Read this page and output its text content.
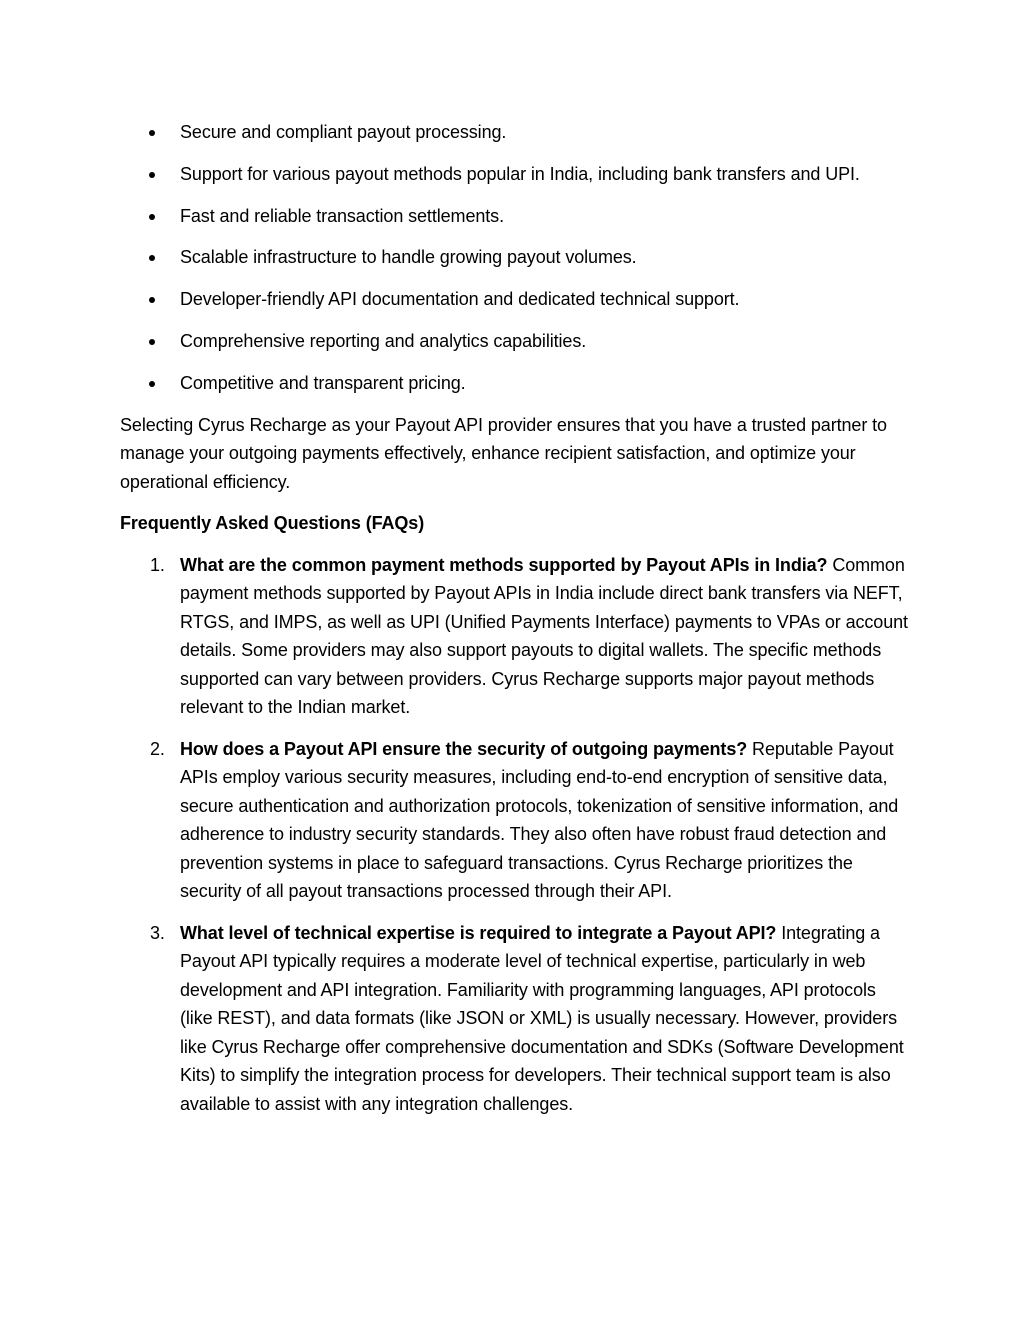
Secure and compliant payout processing.
Support for various payout methods popular in India, including bank transfers and UPI.
Fast and reliable transaction settlements.
Scalable infrastructure to handle growing payout volumes.
Developer-friendly API documentation and dedicated technical support.
Comprehensive reporting and analytics capabilities.
Competitive and transparent pricing.

Selecting Cyrus Recharge as your Payout API provider ensures that you have a trusted partner to manage your outgoing payments effectively, enhance recipient satisfaction, and optimize your operational efficiency.

Frequently Asked Questions (FAQs)

1. What are the common payment methods supported by Payout APIs in India? Common payment methods supported by Payout APIs in India include direct bank transfers via NEFT, RTGS, and IMPS, as well as UPI (Unified Payments Interface) payments to VPAs or account details. Some providers may also support payouts to digital wallets. The specific methods supported can vary between providers. Cyrus Recharge supports major payout methods relevant to the Indian market.
2. How does a Payout API ensure the security of outgoing payments? Reputable Payout APIs employ various security measures, including end-to-end encryption of sensitive data, secure authentication and authorization protocols, tokenization of sensitive information, and adherence to industry security standards. They also often have robust fraud detection and prevention systems in place to safeguard transactions. Cyrus Recharge prioritizes the security of all payout transactions processed through their API.
3. What level of technical expertise is required to integrate a Payout API? Integrating a Payout API typically requires a moderate level of technical expertise, particularly in web development and API integration. Familiarity with programming languages, API protocols (like REST), and data formats (like JSON or XML) is usually necessary. However, providers like Cyrus Recharge offer comprehensive documentation and SDKs (Software Development Kits) to simplify the integration process for developers. Their technical support team is also available to assist with any integration challenges.
